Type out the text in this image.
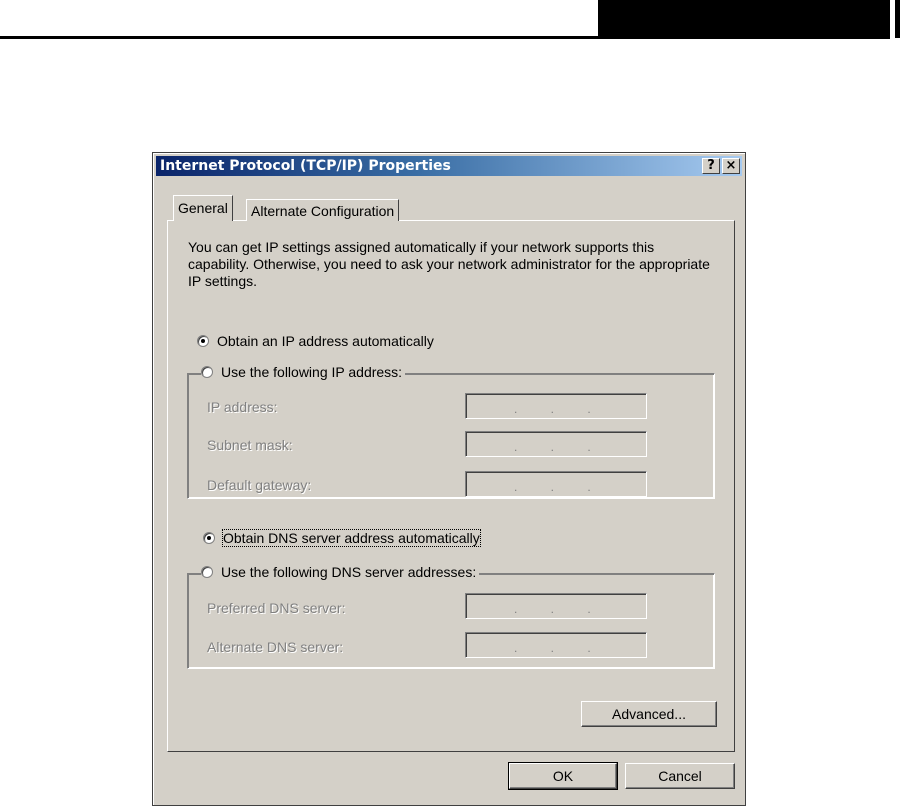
Internet Protocol (TCP/IP) Properties	? ×
General	Alternate Configuration
You can get IP settings assigned automatically if your network supports this capability. Otherwise, you need to ask your network administrator for the appropriate IP settings.
Obtain an IP address automatically
Use the following IP address:
IP address:	. . .
Subnet mask:	. . .
Default gateway:	. . .
Obtain DNS server address automatically
Use the following DNS server addresses:
Preferred DNS server:	. . .
Alternate DNS server:	. . .
Advanced...
OK	Cancel
